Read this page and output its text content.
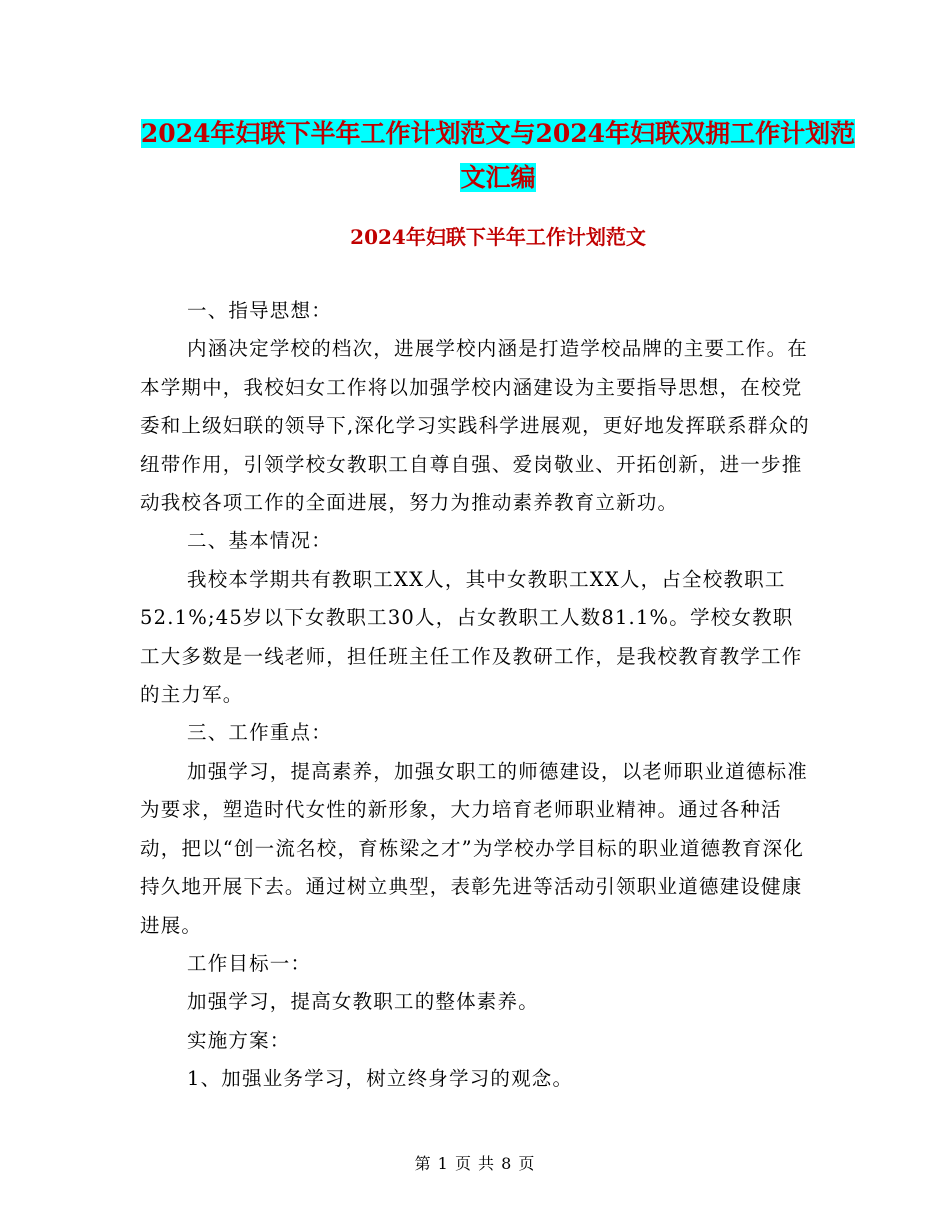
2024年妇联下半年工作计划范文与2024年妇联双拥工作计划范文汇编
2024年妇联下半年工作计划范文

一、指导思想：

内涵决定学校的档次，进展学校内涵是打造学校品牌的主要工作。在本学期中，我校妇女工作将以加强学校内涵建设为主要指导思想，在校党委和上级妇联的领导下,深化学习实践科学进展观，更好地发挥联系群众的纽带作用，引领学校女教职工自尊自强、爱岗敬业、开拓创新，进一步推动我校各项工作的全面进展，努力为推动素养教育立新功。

二、基本情况：

我校本学期共有教职工XX人，其中女教职工XX人，占全校教职工52.1%;45岁以下女教职工30人，占女教职工人数81.1%。学校女教职工大多数是一线老师，担任班主任工作及教研工作，是我校教育教学工作的主力军。

三、工作重点：

加强学习，提高素养，加强女职工的师德建设，以老师职业道德标准为要求，塑造时代女性的新形象，大力培育老师职业精神。通过各种活动，把以“创一流名校，育栋梁之才”为学校办学目标的职业道德教育深化持久地开展下去。通过树立典型，表彰先进等活动引领职业道德建设健康进展。

工作目标一：

加强学习，提高女教职工的整体素养。

实施方案：

1、加强业务学习，树立终身学习的观念。

第 1 页 共 8 页
